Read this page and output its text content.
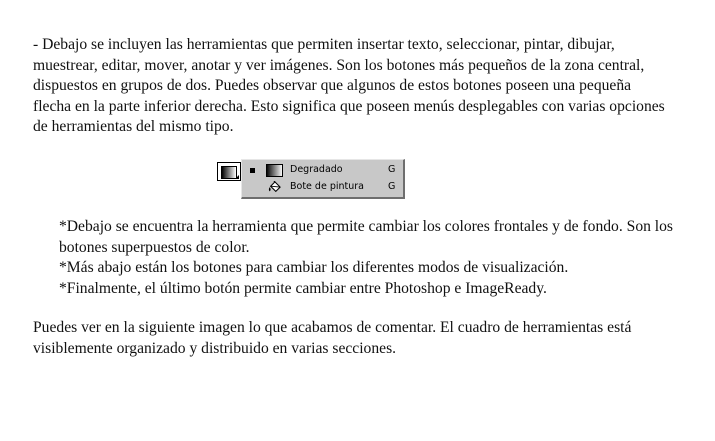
- Debajo se incluyen las herramientas que permiten insertar texto, seleccionar, pintar, dibujar, muestrear, editar, mover, anotar y ver imágenes. Son los botones más pequeños de la zona central, dispuestos en grupos de dos. Puedes observar que algunos de estos botones poseen una pequeña flecha en la parte inferior derecha. Esto significa que poseen menús desplegables con varias opciones de herramientas del mismo tipo.

Degradado	G
Bote de pintura	G
*Debajo se encuentra la herramienta que permite cambiar los colores frontales y de fondo. Son los botones superpuestos de color.
*Más abajo están los botones para cambiar los diferentes modos de visualización.
*Finalmente, el último botón permite cambiar entre Photoshop e ImageReady.

Puedes ver en la siguiente imagen lo que acabamos de comentar. El cuadro de herramientas está visiblemente organizado y distribuido en varias secciones.
